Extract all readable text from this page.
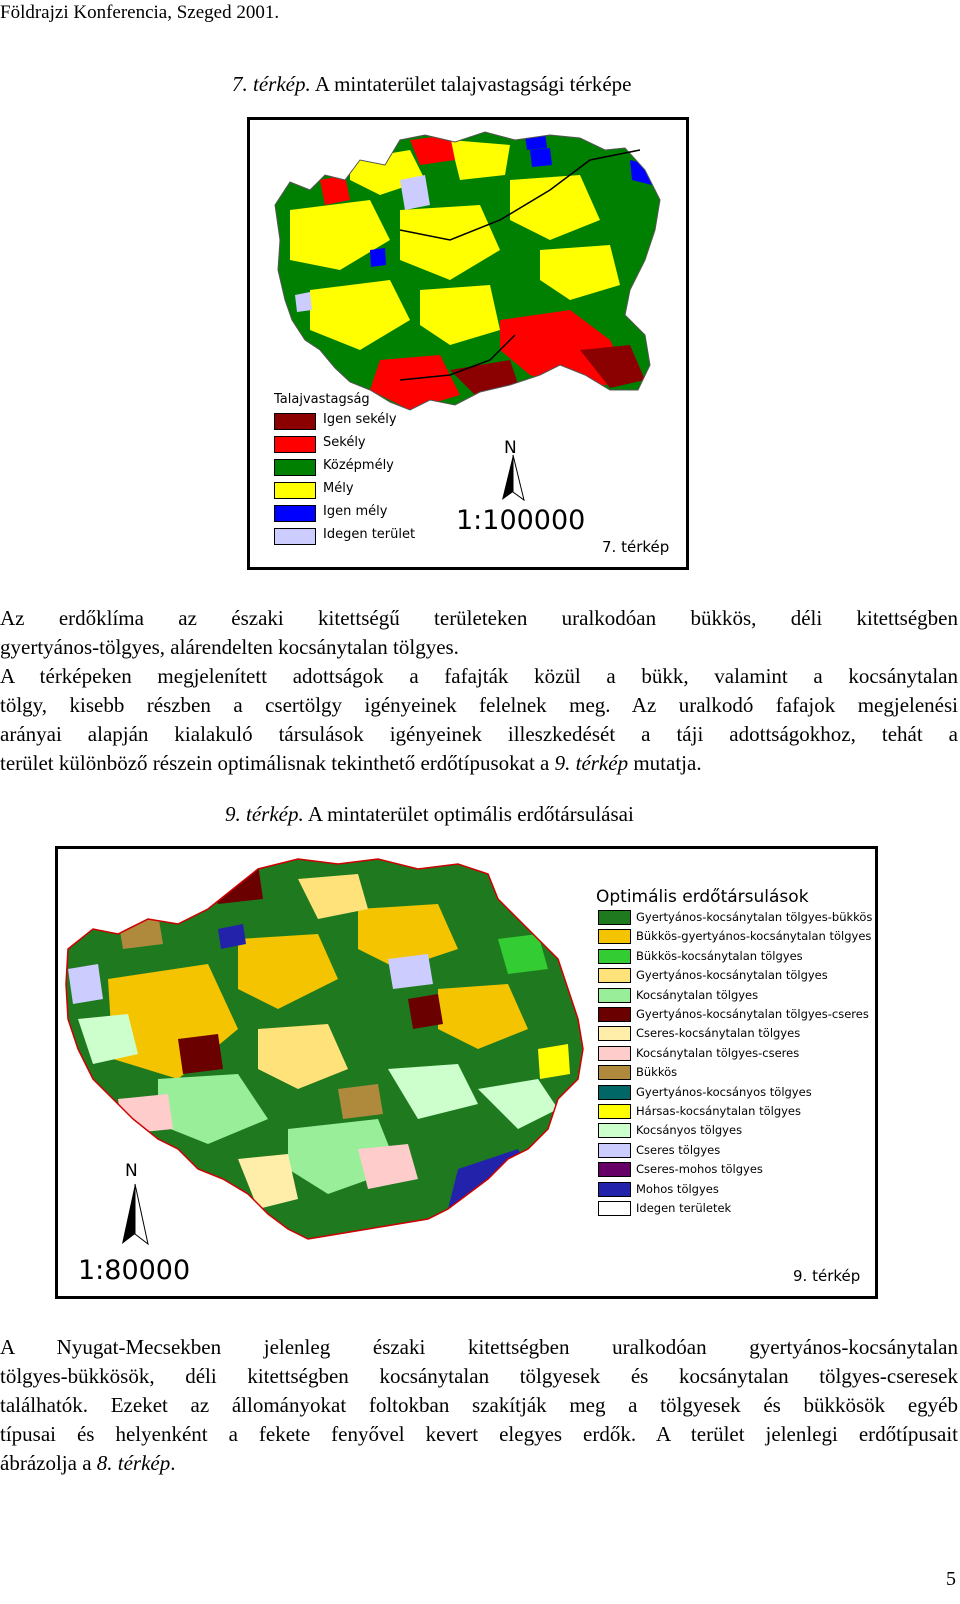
Földrajzi Konferencia, Szeged 2001.
7. térkép. A mintaterület talajvastagsági térképe
Talajvastagság
Igen sekély
Sekély
Középmély
Mély
Igen mély
Idegen terület
N
1:100000
7. térkép
Az erdőklíma az északi kitettségű területeken uralkodóan bükkös, déli kitettségben
gyertyános-tölgyes, alárendelten kocsánytalan tölgyes.
A térképeken megjelenített adottságok a fafajták közül a bükk, valamint a kocsánytalan
tölgy, kisebb részben a csertölgy igényeinek felelnek meg. Az uralkodó fafajok megjelenési
arányai alapján kialakuló társulások igényeinek illeszkedését a táji adottságokhoz, tehát a
terület különböző részein optimálisnak tekinthető erdőtípusokat a 9. térkép mutatja.
9. térkép. A mintaterület optimális erdőtársulásai
Optimális erdőtársulások
Gyertyános-kocsánytalan tölgyes-bükkös
Bükkös-gyertyános-kocsánytalan tölgyes
Bükkös-kocsánytalan tölgyes
Gyertyános-kocsánytalan tölgyes
Kocsánytalan tölgyes
Gyertyános-kocsánytalan tölgyes-cseres
Cseres-kocsánytalan tölgyes
Kocsánytalan tölgyes-cseres
Bükkös
Gyertyános-kocsányos tölgyes
Hársas-kocsánytalan tölgyes
Kocsányos tölgyes
Cseres tölgyes
Cseres-mohos tölgyes
Mohos tölgyes
Idegen területek
N
1:80000	9. térkép
A Nyugat-Mecsekben jelenleg északi kitettségben uralkodóan gyertyános-kocsánytalan
tölgyes-bükkösök, déli kitettségben kocsánytalan tölgyesek és kocsánytalan tölgyes-cseresek
találhatók. Ezeket az állományokat foltokban szakítják meg a tölgyesek és bükkösök egyéb
típusai és helyenként a fekete fenyővel kevert elegyes erdők. A terület jelenlegi erdőtípusait
ábrázolja a 8. térkép.
5
